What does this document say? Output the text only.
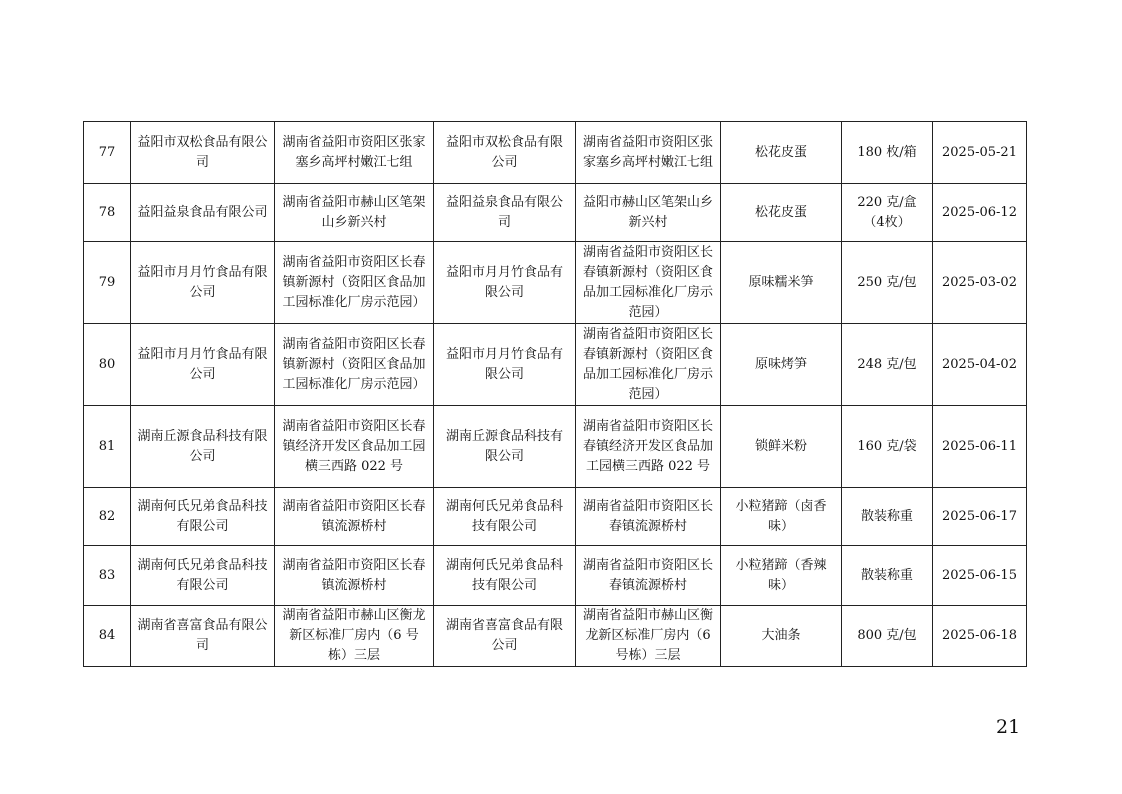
77	益阳市双松食品有限公司	湖南省益阳市资阳区张家塞乡高坪村嫩江七组	益阳市双松食品有限公司	湖南省益阳市资阳区张家塞乡高坪村嫩江七组	松花皮蛋	180 枚/箱	2025-05-21
78	益阳益泉食品有限公司	湖南省益阳市赫山区笔架山乡新兴村	益阳益泉食品有限公司	益阳市赫山区笔架山乡新兴村	松花皮蛋	220 克/盒（4枚）	2025-06-12
79	益阳市月月竹食品有限公司	湖南省益阳市资阳区长春镇新源村（资阳区食品加工园标准化厂房示范园）	益阳市月月竹食品有限公司	湖南省益阳市资阳区长春镇新源村（资阳区食品加工园标准化厂房示范园）	原味糯米笋	250 克/包	2025-03-02
80	益阳市月月竹食品有限公司	湖南省益阳市资阳区长春镇新源村（资阳区食品加工园标准化厂房示范园）	益阳市月月竹食品有限公司	湖南省益阳市资阳区长春镇新源村（资阳区食品加工园标准化厂房示范园）	原味烤笋	248 克/包	2025-04-02
81	湖南丘源食品科技有限公司	湖南省益阳市资阳区长春镇经济开发区食品加工园横三西路 022 号	湖南丘源食品科技有限公司	湖南省益阳市资阳区长春镇经济开发区食品加工园横三西路 022 号	锁鲜米粉	160 克/袋	2025-06-11
82	湖南何氏兄弟食品科技有限公司	湖南省益阳市资阳区长春镇流源桥村	湖南何氏兄弟食品科技有限公司	湖南省益阳市资阳区长春镇流源桥村	小粒猪蹄（卤香味）	散装称重	2025-06-17
83	湖南何氏兄弟食品科技有限公司	湖南省益阳市资阳区长春镇流源桥村	湖南何氏兄弟食品科技有限公司	湖南省益阳市资阳区长春镇流源桥村	小粒猪蹄（香辣味）	散装称重	2025-06-15
84	湖南省喜富食品有限公司	湖南省益阳市赫山区衡龙新区标准厂房内（6 号栋）三层	湖南省喜富食品有限公司	湖南省益阳市赫山区衡龙新区标准厂房内（6 号栋）三层	大油条	800 克/包	2025-06-18
21
